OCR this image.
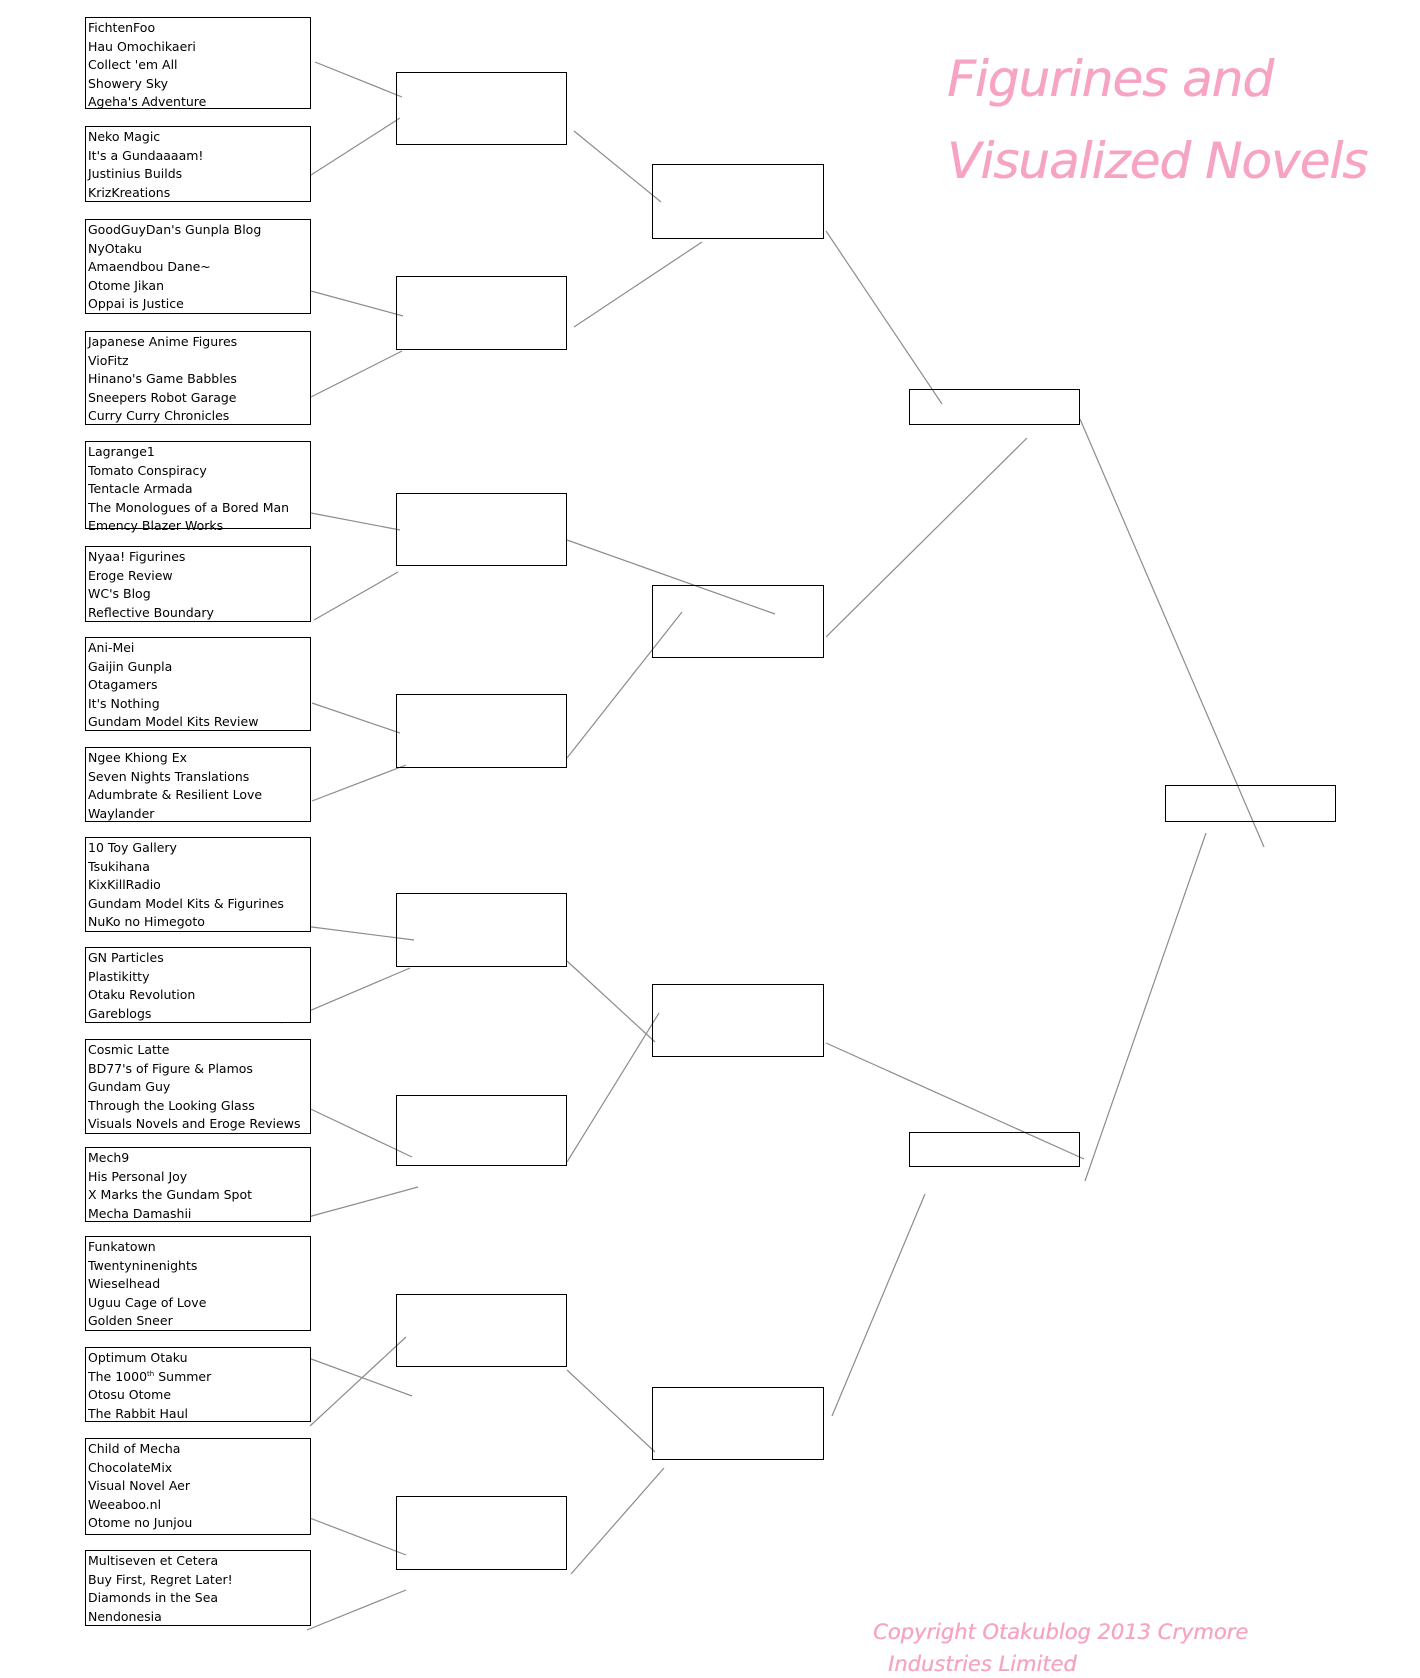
FichtenFoo
Hau Omochikaeri
Collect 'em All
Showery Sky
Ageha's Adventure
Neko Magic
It's a Gundaaaam!
Justinius Builds
KrizKreations
GoodGuyDan's Gunpla Blog
NyOtaku
Amaendbou Dane~
Otome Jikan
Oppai is Justice
Japanese Anime Figures
VioFitz
Hinano's Game Babbles
Sneepers Robot Garage
Curry Curry Chronicles
Lagrange1
Tomato Conspiracy
Tentacle Armada
The Monologues of a Bored Man
Emency Blazer Works
Nyaa! Figurines
Eroge Review
WC's Blog
Reflective Boundary
Ani-Mei
Gaijin Gunpla
Otagamers
It's Nothing
Gundam Model Kits Review
Ngee Khiong Ex
Seven Nights Translations
Adumbrate & Resilient Love
Waylander
10 Toy Gallery
Tsukihana
KixKillRadio
Gundam Model Kits & Figurines
NuKo no Himegoto
GN Particles
Plastikitty
Otaku Revolution
Gareblogs
Cosmic Latte
BD77's of Figure & Plamos
Gundam Guy
Through the Looking Glass
Visuals Novels and Eroge Reviews
Mech9
His Personal Joy
X Marks the Gundam Spot
Mecha Damashii
Funkatown
Twentyninenights
Wieselhead
Uguu Cage of Love
Golden Sneer
Optimum Otaku
The 1000th Summer
Otosu Otome
The Rabbit Haul
Child of Mecha
ChocolateMix
Visual Novel Aer
Weeaboo.nl
Otome no Junjou
Multiseven et Cetera
Buy First, Regret Later!
Diamonds in the Sea
Nendonesia
Figurines and
Visualized Novels
Copyright Otakublog 2013 Crymore
Industries Limited
